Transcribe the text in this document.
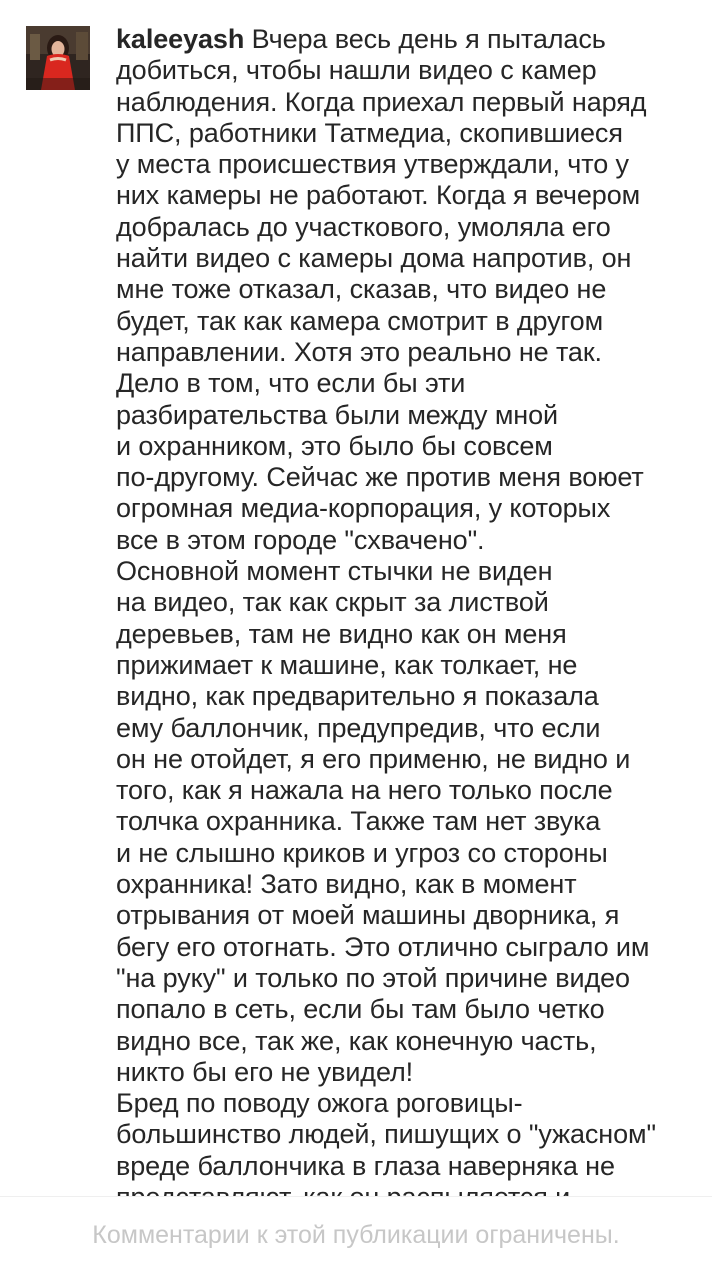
kaleeyash Вчера весь день я пыталась
добиться, чтобы нашли видео с камер
наблюдения. Когда приехал первый наряд
ППС, работники Татмедиа, скопившиеся
у места происшествия утверждали, что у
них камеры не работают. Когда я вечером
добралась до участкового, умоляла его
найти видео с камеры дома напротив, он
мне тоже отказал, сказав, что видео не
будет, так как камера смотрит в другом
направлении. Хотя это реально не так.
Дело в том, что если бы эти
разбирательства были между мной
и охранником, это было бы совсем
по-другому. Сейчас же против меня воюет
огромная медиа-корпорация, у которых
все в этом городе "схвачено".
Основной момент стычки не виден
на видео, так как скрыт за листвой
деревьев, там не видно как он меня
прижимает к машине, как толкает, не
видно, как предварительно я показала
ему баллончик, предупредив, что если
он не отойдет, я его применю, не видно и
того, как я нажала на него только после
толчка охранника. Также там нет звука
и не слышно криков и угроз со стороны
охранника! Зато видно, как в момент
отрывания от моей машины дворника, я
бегу его отогнать. Это отлично сыграло им
"на руку" и только по этой причине видео
попало в сеть, если бы там было четко
видно все, так же, как конечную часть,
никто бы его не увидел!
Бред по поводу ожога роговицы-
большинство людей, пишущих о "ужасном"
вреде баллончика в глаза наверняка не
Комментарии к этой публикации ограничены.
